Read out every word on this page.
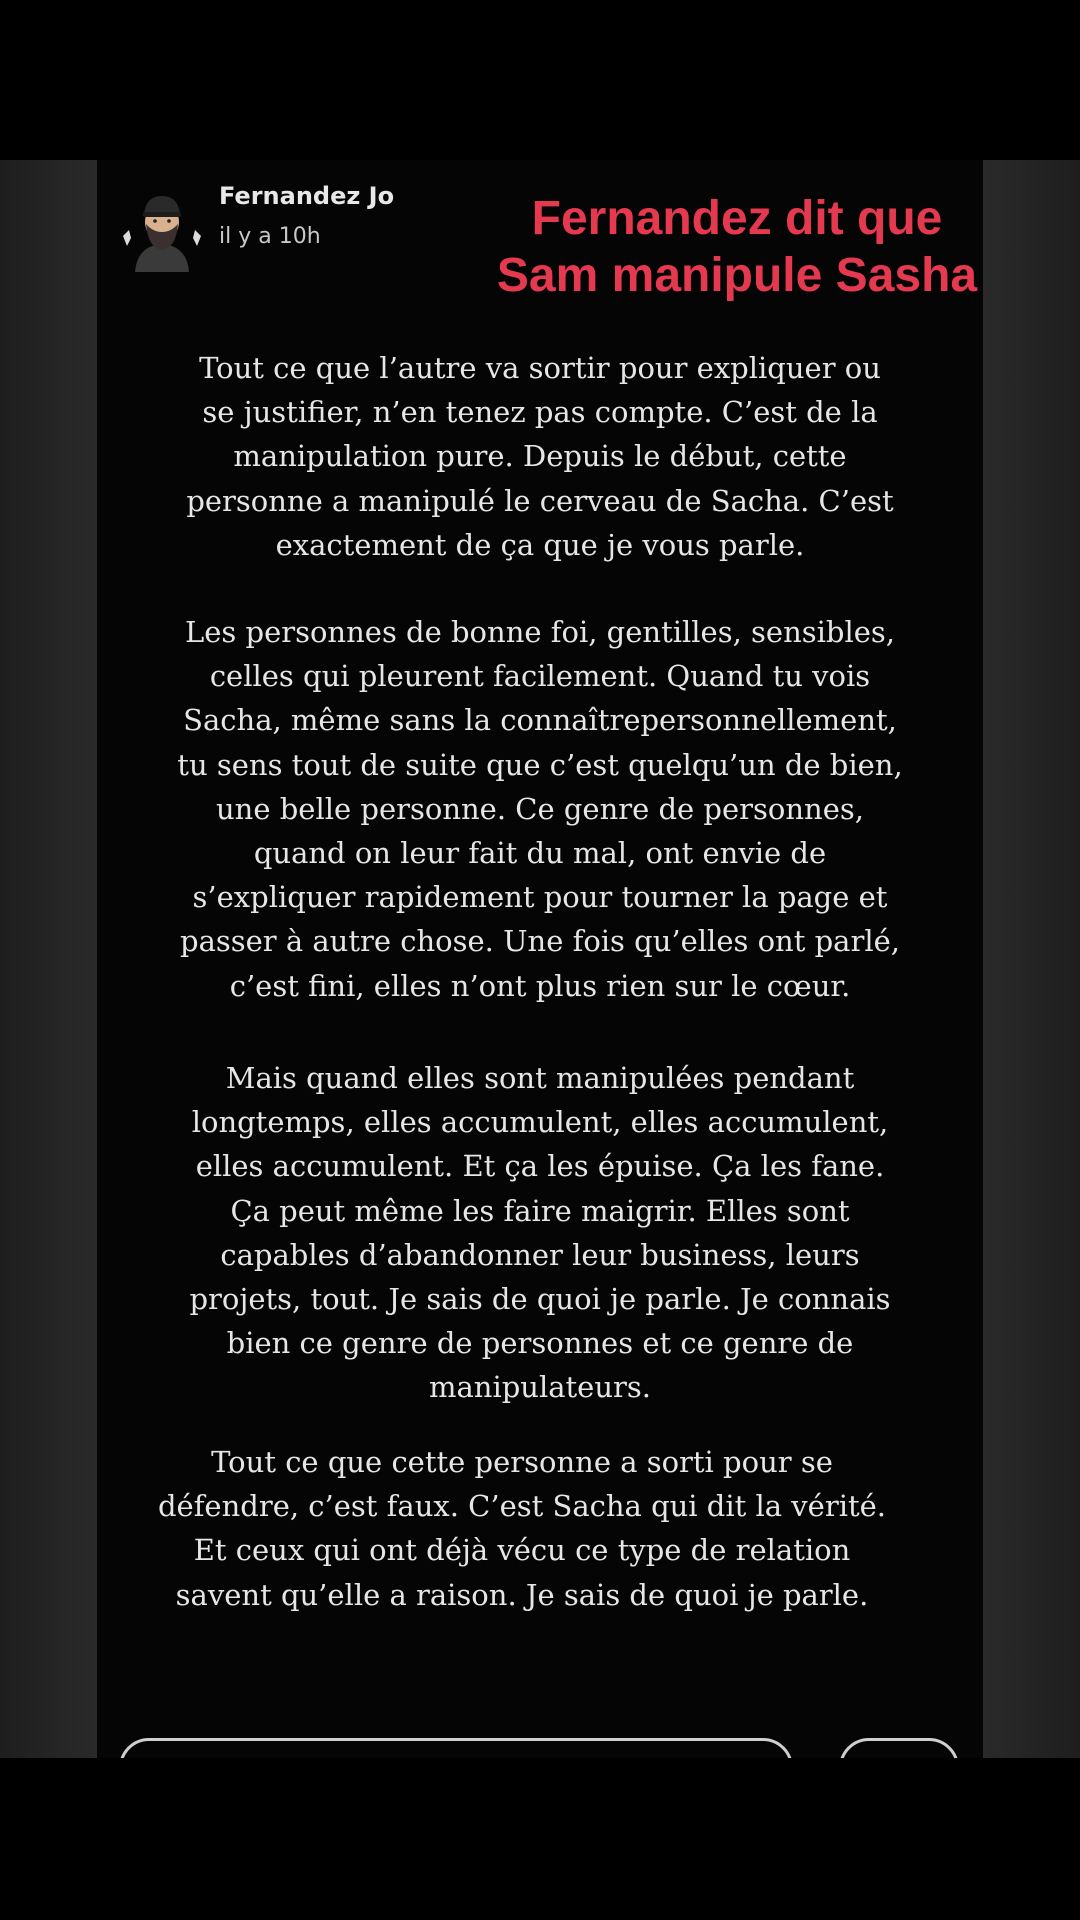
Fernandez Jo
il y a 10h	Fernandez dit que
Sam manipule Sasha
Tout ce que l’autre va sortir pour expliquer ou
se justifier, n’en tenez pas compte. C’est de la
manipulation pure. Depuis le début, cette
personne a manipulé le cerveau de Sacha. C’est
exactement de ça que je vous parle.
Les personnes de bonne foi, gentilles, sensibles,
celles qui pleurent facilement. Quand tu vois
Sacha, même sans la connaîtrepersonnellement,
tu sens tout de suite que c’est quelqu’un de bien,
une belle personne. Ce genre de personnes,
quand on leur fait du mal, ont envie de
s’expliquer rapidement pour tourner la page et
passer à autre chose. Une fois qu’elles ont parlé,
c’est fini, elles n’ont plus rien sur le cœur.
Mais quand elles sont manipulées pendant
longtemps, elles accumulent, elles accumulent,
elles accumulent. Et ça les épuise. Ça les fane.
Ça peut même les faire maigrir. Elles sont
capables d’abandonner leur business, leurs
projets, tout. Je sais de quoi je parle. Je connais
bien ce genre de personnes et ce genre de
manipulateurs.
Tout ce que cette personne a sorti pour se
défendre, c’est faux. C’est Sacha qui dit la vérité.
Et ceux qui ont déjà vécu ce type de relation
savent qu’elle a raison. Je sais de quoi je parle.
